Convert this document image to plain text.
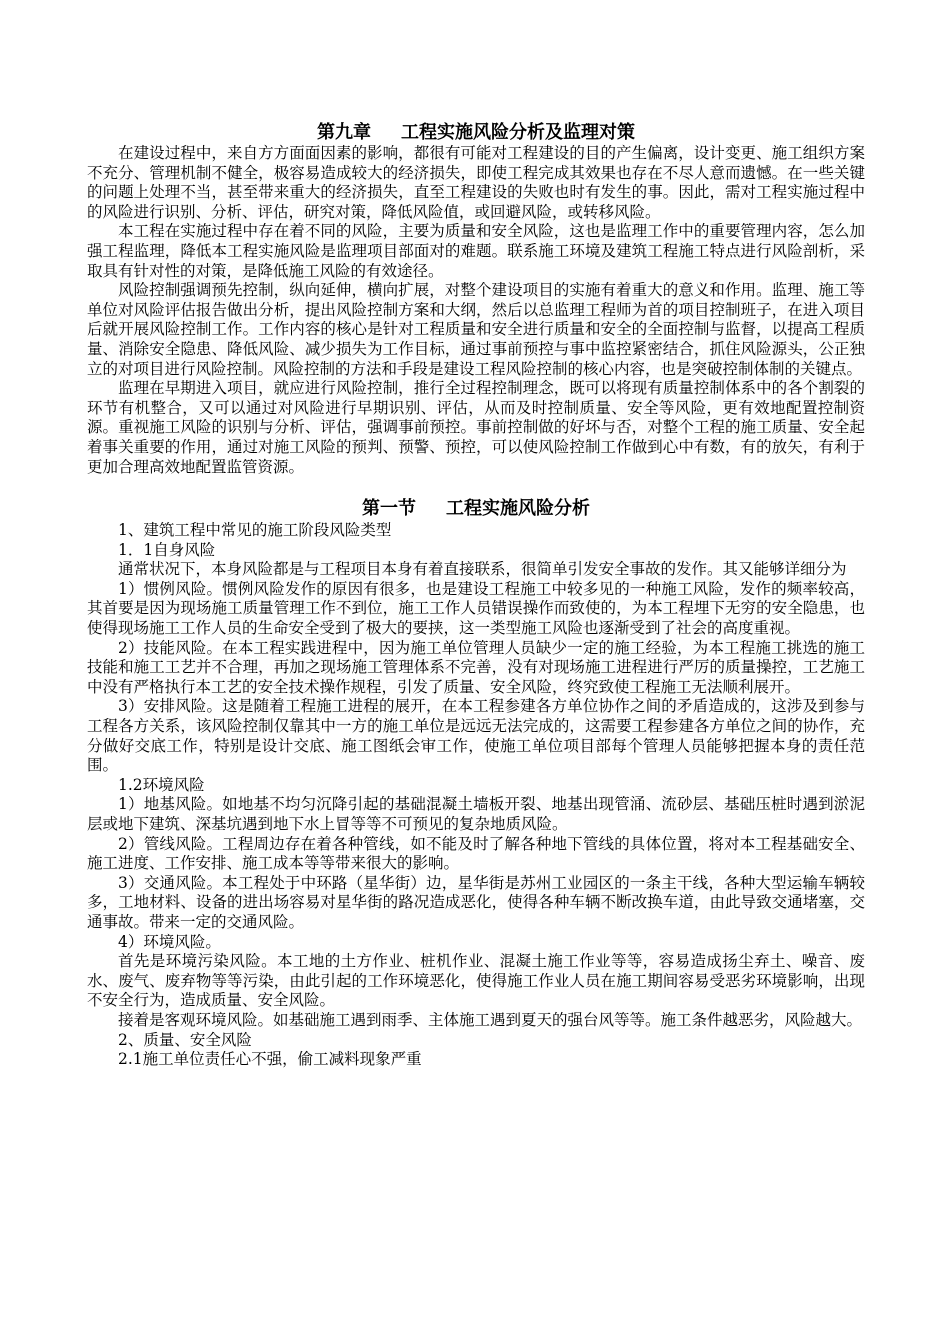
第九章 工程实施风险分析及监理对策

在建设过程中，来自方方面面因素的影响，都很有可能对工程建设的目的产生偏离，设计变更、施工组织方案不充分、管理机制不健全，极容易造成较大的经济损失，即使工程完成其效果也存在不尽人意而遗憾。在一些关键的问题上处理不当，甚至带来重大的经济损失，直至工程建设的失败也时有发生的事。因此，需对工程实施过程中的风险进行识别、分析、评估，研究对策，降低风险值，或回避风险，或转移风险。

本工程在实施过程中存在着不同的风险，主要为质量和安全风险，这也是监理工作中的重要管理内容，怎么加强工程监理，降低本工程实施风险是监理项目部面对的难题。联系施工环境及建筑工程施工特点进行风险剖析，采取具有针对性的对策，是降低施工风险的有效途径。

风险控制强调预先控制，纵向延伸，横向扩展，对整个建设项目的实施有着重大的意义和作用。监理、施工等单位对风险评估报告做出分析，提出风险控制方案和大纲，然后以总监理工程师为首的项目控制班子，在进入项目后就开展风险控制工作。工作内容的核心是针对工程质量和安全进行质量和安全的全面控制与监督，以提高工程质量、消除安全隐患、降低风险、减少损失为工作目标，通过事前预控与事中监控紧密结合，抓住风险源头，公正独立的对项目进行风险控制。风险控制的方法和手段是建设工程风险控制的核心内容，也是突破控制体制的关键点。

监理在早期进入项目，就应进行风险控制，推行全过程控制理念，既可以将现有质量控制体系中的各个割裂的环节有机整合，又可以通过对风险进行早期识别、评估，从而及时控制质量、安全等风险，更有效地配置控制资源。重视施工风险的识别与分析、评估，强调事前预控。事前控制做的好坏与否，对整个工程的施工质量、安全起着事关重要的作用，通过对施工风险的预判、预警、预控，可以使风险控制工作做到心中有数，有的放矢，有利于更加合理高效地配置监管资源。

第一节 工程实施风险分析

1、建筑工程中常见的施工阶段风险类型

1．1自身风险

通常状况下，本身风险都是与工程项目本身有着直接联系，很简单引发安全事故的发作。其又能够详细分为

1）惯例风险。惯例风险发作的原因有很多，也是建设工程施工中较多见的一种施工风险，发作的频率较高，其首要是因为现场施工质量管理工作不到位，施工工作人员错误操作而致使的，为本工程埋下无穷的安全隐患，也使得现场施工工作人员的生命安全受到了极大的要挟，这一类型施工风险也逐渐受到了社会的高度重视。

2）技能风险。在本工程实践进程中，因为施工单位管理人员缺少一定的施工经验，为本工程施工挑选的施工技能和施工工艺并不合理，再加之现场施工管理体系不完善，没有对现场施工进程进行严厉的质量操控，工艺施工中没有严格执行本工艺的安全技术操作规程，引发了质量、安全风险，终究致使工程施工无法顺利展开。

3）安排风险。这是随着工程施工进程的展开，在本工程参建各方单位协作之间的矛盾造成的，这涉及到参与工程各方关系，该风险控制仅靠其中一方的施工单位是远远无法完成的，这需要工程参建各方单位之间的协作，充分做好交底工作，特别是设计交底、施工图纸会审工作，使施工单位项目部每个管理人员能够把握本身的责任范围。

1.2环境风险

1）地基风险。如地基不均匀沉降引起的基础混凝土墙板开裂、地基出现管涌、流砂层、基础压桩时遇到淤泥层或地下建筑、深基坑遇到地下水上冒等等不可预见的复杂地质风险。

2）管线风险。工程周边存在着各种管线，如不能及时了解各种地下管线的具体位置，将对本工程基础安全、施工进度、工作安排、施工成本等等带来很大的影响。

3）交通风险。本工程处于中环路（星华街）边，星华街是苏州工业园区的一条主干线，各种大型运输车辆较多，工地材料、设备的进出场容易对星华街的路况造成恶化，使得各种车辆不断改换车道，由此导致交通堵塞，交通事故。带来一定的交通风险。

4）环境风险。

首先是环境污染风险。本工地的土方作业、桩机作业、混凝土施工作业等等，容易造成扬尘弃土、噪音、废水、废气、废弃物等等污染，由此引起的工作环境恶化，使得施工作业人员在施工期间容易受恶劣环境影响，出现不安全行为，造成质量、安全风险。

接着是客观环境风险。如基础施工遇到雨季、主体施工遇到夏天的强台风等等。施工条件越恶劣，风险越大。

2、质量、安全风险

2.1施工单位责任心不强，偷工减料现象严重
